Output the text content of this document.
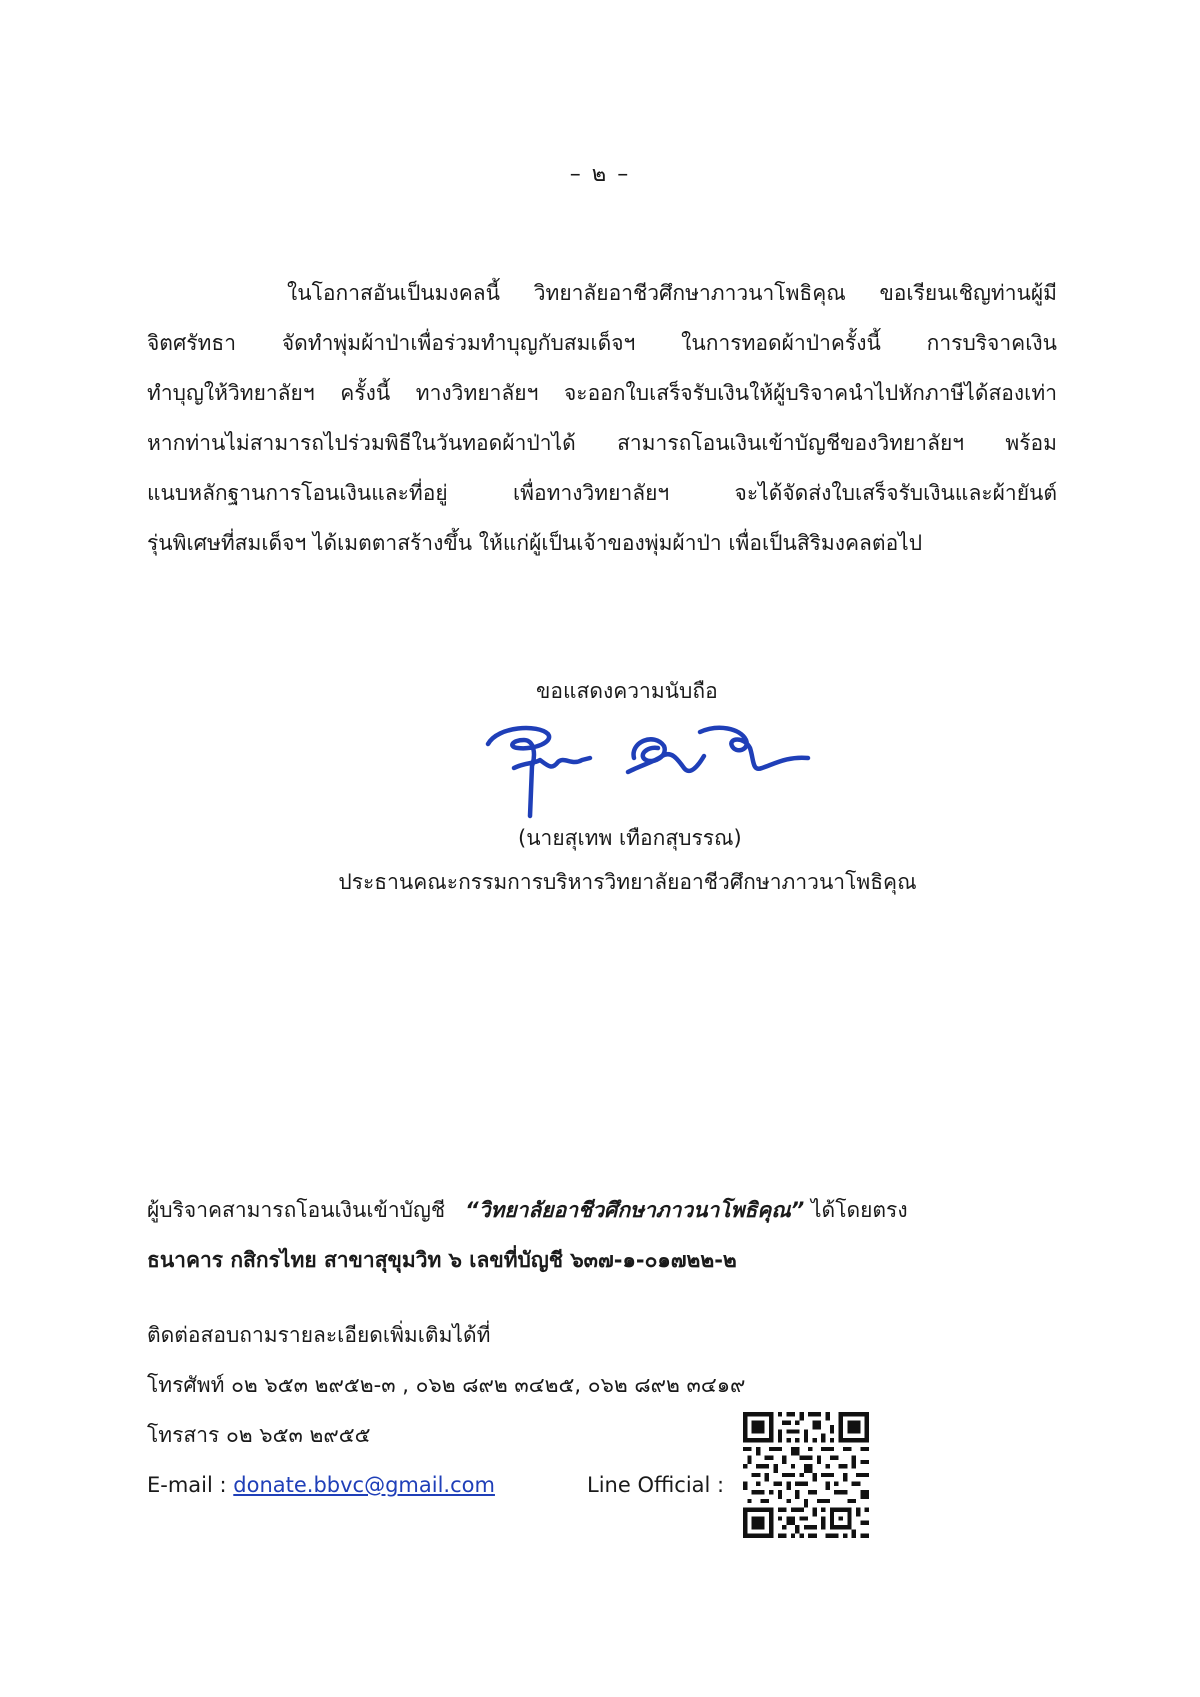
– ๒ –
ในโอกาสอันเป็นมงคลนี้ วิทยาลัยอาชีวศึกษาภาวนาโพธิคุณ ขอเรียนเชิญท่านผู้มี
จิตศรัทธา จัดทำพุ่มผ้าป่าเพื่อร่วมทำบุญกับสมเด็จฯ ในการทอดผ้าป่าครั้งนี้ การบริจาคเงิน
ทำบุญให้วิทยาลัยฯ ครั้งนี้ ทางวิทยาลัยฯ จะออกใบเสร็จรับเงินให้ผู้บริจาคนำไปหักภาษีได้สองเท่า
หากท่านไม่สามารถไปร่วมพิธีในวันทอดผ้าป่าได้ สามารถโอนเงินเข้าบัญชีของวิทยาลัยฯ พร้อม
แนบหลักฐานการโอนเงินและที่อยู่ เพื่อทางวิทยาลัยฯ จะได้จัดส่งใบเสร็จรับเงินและผ้ายันต์
รุ่นพิเศษที่สมเด็จฯ ได้เมตตาสร้างขึ้น ให้แก่ผู้เป็นเจ้าของพุ่มผ้าป่า เพื่อเป็นสิริมงคลต่อไป
ขอแสดงความนับถือ
(นายสุเทพ เทือกสุบรรณ)
ประธานคณะกรรมการบริหารวิทยาลัยอาชีวศึกษาภาวนาโพธิคุณ
ผู้บริจาคสามารถโอนเงินเข้าบัญชี “วิทยาลัยอาชีวศึกษาภาวนาโพธิคุณ” ได้โดยตรง
ธนาคาร กสิกรไทย สาขาสุขุมวิท ๖ เลขที่บัญชี ๖๓๗-๑-๐๑๗๒๒-๒
ติดต่อสอบถามรายละเอียดเพิ่มเติมได้ที่
โทรศัพท์ ๐๒ ๖๕๓ ๒๙๕๒-๓ , ๐๖๒ ๘๙๒ ๓๔๒๕, ๐๖๒ ๘๙๒ ๓๔๑๙
โทรสาร ๐๒ ๖๕๓ ๒๙๕๕
E-mail : donate.bbvc@gmail.com	Line Official :
